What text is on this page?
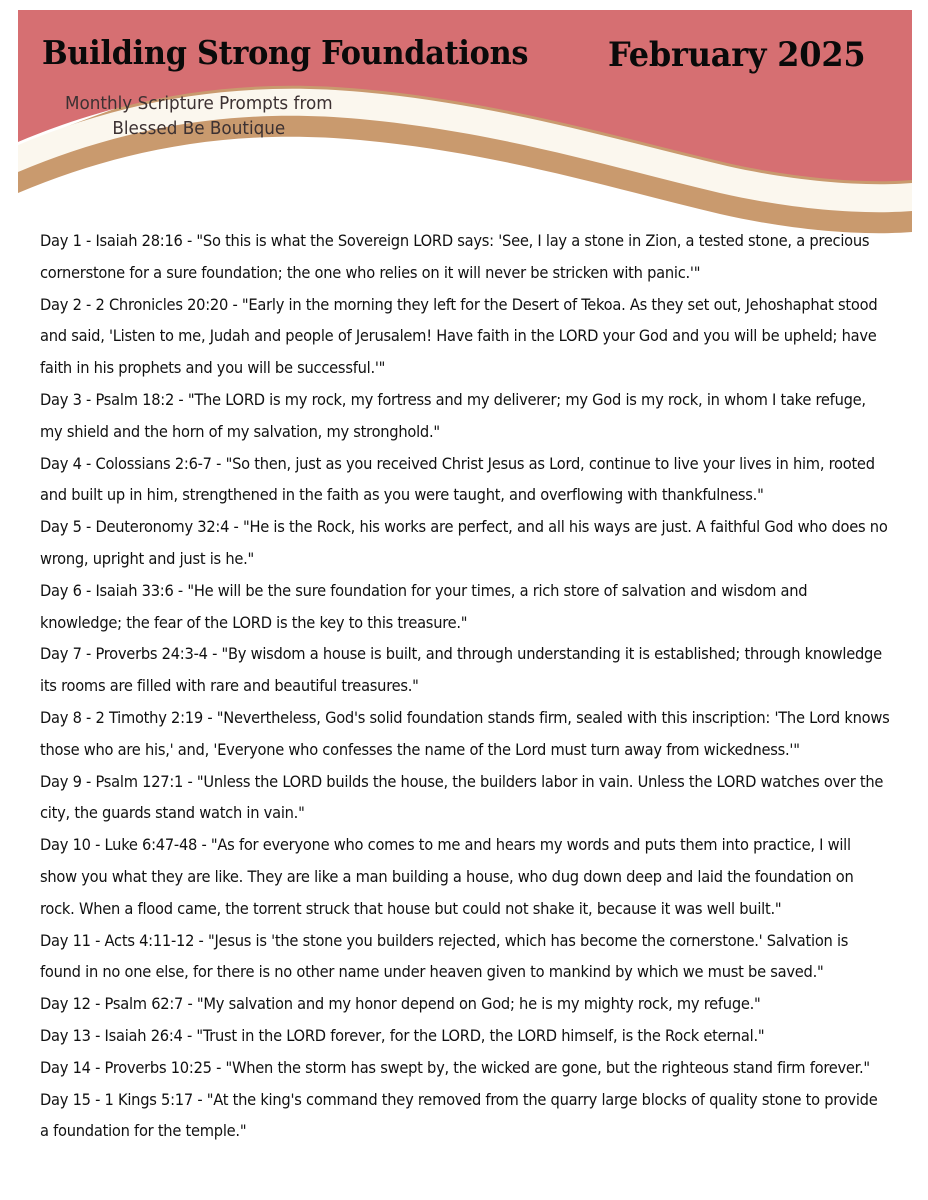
Building Strong Foundations February 2025
Monthly Scripture Prompts from
Blessed Be Boutique

Day 1 - Isaiah 28:16 - "So this is what the Sovereign LORD says: 'See, I lay a stone in Zion, a tested stone, a precious cornerstone for a sure foundation; the one who relies on it will never be stricken with panic.'"

Day 2 - 2 Chronicles 20:20 - "Early in the morning they left for the Desert of Tekoa. As they set out, Jehoshaphat stood and said, 'Listen to me, Judah and people of Jerusalem! Have faith in the LORD your God and you will be upheld; have faith in his prophets and you will be successful.'"

Day 3 - Psalm 18:2 - "The LORD is my rock, my fortress and my deliverer; my God is my rock, in whom I take refuge, my shield and the horn of my salvation, my stronghold."

Day 4 - Colossians 2:6-7 - "So then, just as you received Christ Jesus as Lord, continue to live your lives in him, rooted and built up in him, strengthened in the faith as you were taught, and overflowing with thankfulness."

Day 5 - Deuteronomy 32:4 - "He is the Rock, his works are perfect, and all his ways are just. A faithful God who does no wrong, upright and just is he."

Day 6 - Isaiah 33:6 - "He will be the sure foundation for your times, a rich store of salvation and wisdom and knowledge; the fear of the LORD is the key to this treasure."

Day 7 - Proverbs 24:3-4 - "By wisdom a house is built, and through understanding it is established; through knowledge its rooms are filled with rare and beautiful treasures."

Day 8 - 2 Timothy 2:19 - "Nevertheless, God's solid foundation stands firm, sealed with this inscription: 'The Lord knows those who are his,' and, 'Everyone who confesses the name of the Lord must turn away from wickedness.'"

Day 9 - Psalm 127:1 - "Unless the LORD builds the house, the builders labor in vain. Unless the LORD watches over the city, the guards stand watch in vain."

Day 10 - Luke 6:47-48 - "As for everyone who comes to me and hears my words and puts them into practice, I will show you what they are like. They are like a man building a house, who dug down deep and laid the foundation on rock. When a flood came, the torrent struck that house but could not shake it, because it was well built."

Day 11 - Acts 4:11-12 - "Jesus is 'the stone you builders rejected, which has become the cornerstone.' Salvation is found in no one else, for there is no other name under heaven given to mankind by which we must be saved."

Day 12 - Psalm 62:7 - "My salvation and my honor depend on God; he is my mighty rock, my refuge."

Day 13 - Isaiah 26:4 - "Trust in the LORD forever, for the LORD, the LORD himself, is the Rock eternal."

Day 14 - Proverbs 10:25 - "When the storm has swept by, the wicked are gone, but the righteous stand firm forever."

Day 15 - 1 Kings 5:17 - "At the king's command they removed from the quarry large blocks of quality stone to provide a foundation for the temple."
